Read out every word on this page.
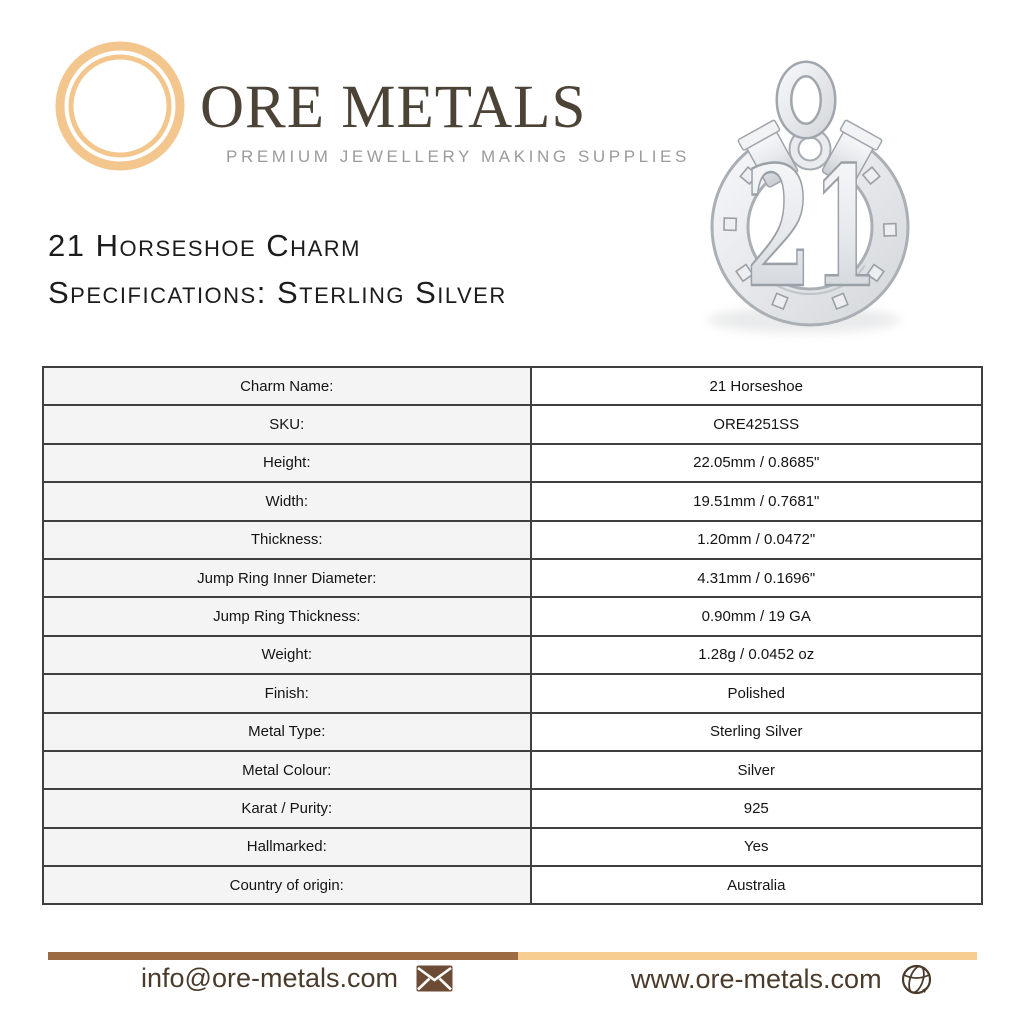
ORE METALS
PREMIUM JEWELLERY MAKING SUPPLIES 21
21 Horseshoe Charm
Specifications: Sterling Silver
Charm Name:	21 Horseshoe
SKU:	ORE4251SS
Height:	22.05mm / 0.8685"
Width:	19.51mm / 0.7681"
Thickness:	1.20mm / 0.0472"
Jump Ring Inner Diameter:	4.31mm / 0.1696"
Jump Ring Thickness:	0.90mm / 19 GA
Weight:	1.28g / 0.0452 oz
Finish:	Polished
Metal Type:	Sterling Silver
Metal Colour:	Silver
Karat / Purity:	925
Hallmarked:	Yes
Country of origin:	Australia
info@ore-metals.com	www.ore-metals.com
